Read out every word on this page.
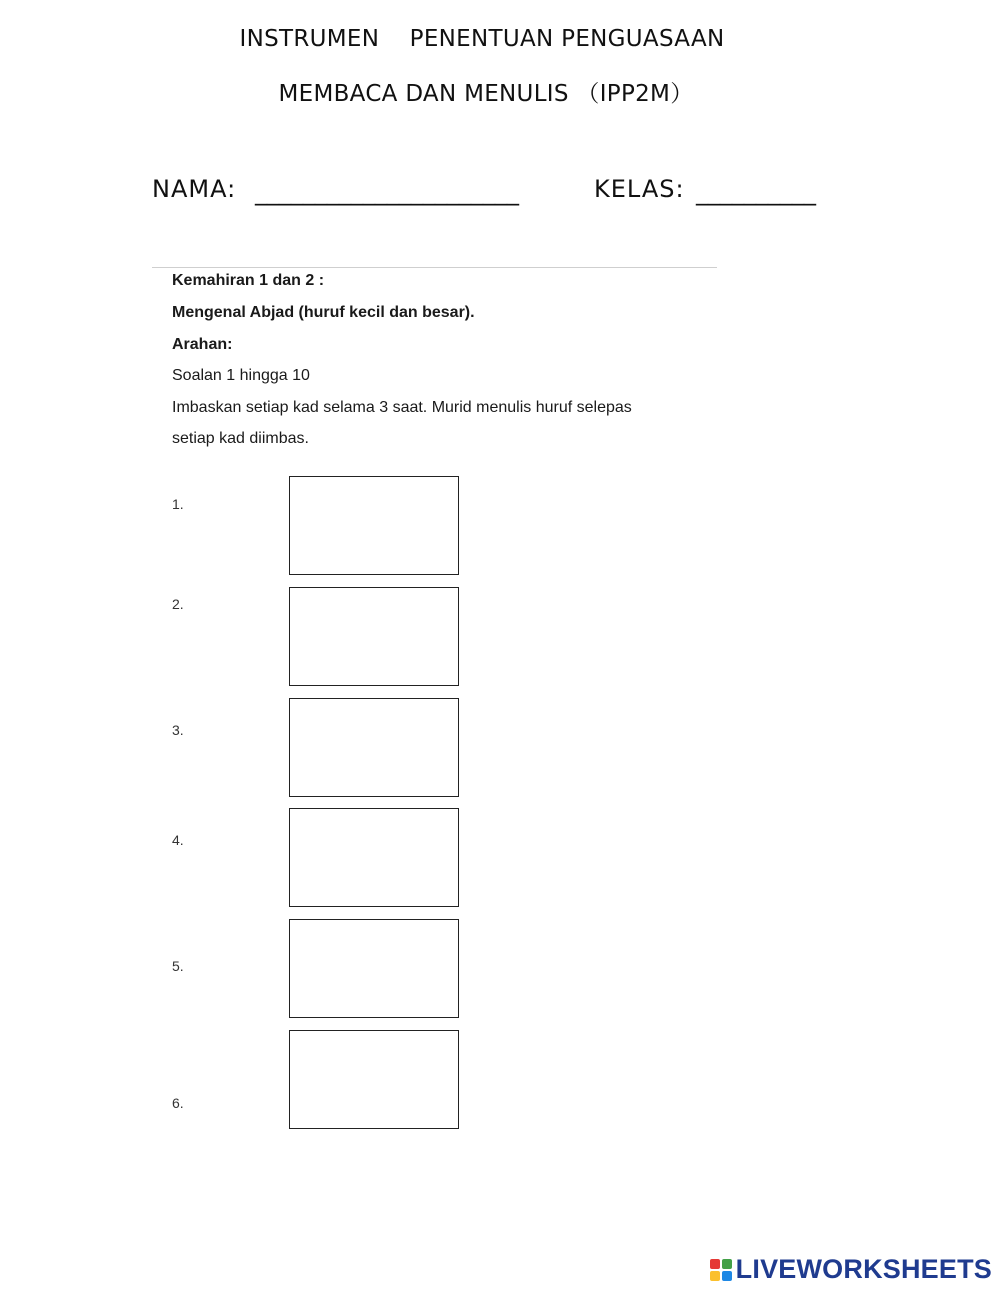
INSTRUMEN    PENENTUAN PENGUASAAN
MEMBACA DAN MENULIS （IPP2M）
NAMA: ______________________	KELAS: __________
Kemahiran 1 dan 2 :
Mengenal Abjad (huruf kecil dan besar).
Arahan:
Soalan 1 hingga 10
Imbaskan setiap kad selama 3 saat. Murid menulis huruf selepas
setiap kad diimbas.
1.
2.
3.
4.
5.
6.
LIVEWORKSHEETS
